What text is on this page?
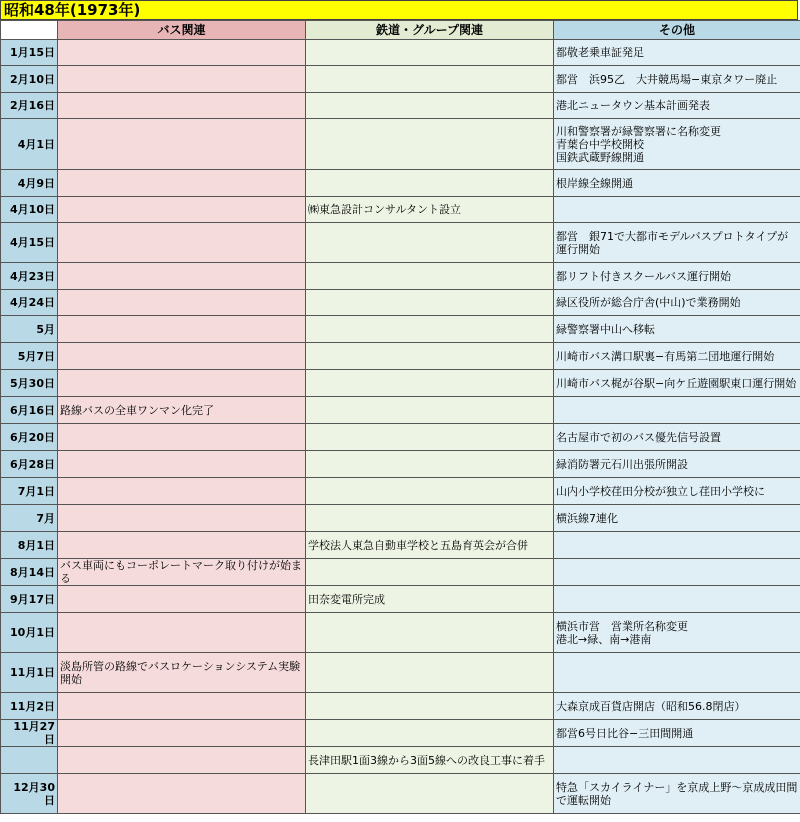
昭和48年(1973年)
	バス関連	鉄道・グループ関連	その他
1月15日			都敬老乗車証発足

2月10日			都営　浜95乙　大井競馬場−東京タワー廃止

2月16日			港北ニュータウン基本計画発表

4月1日			川和警察署が緑警察署に名称変更
青葉台中学校開校
国鉄武蔵野線開通

4月9日			根岸線全線開通

4月10日		㈱東急設計コンサルタント設立	

4月15日			都営　銀71で大都市モデルバスプロトタイプが運行開始

4月23日			都リフト付きスクールバス運行開始

4月24日			緑区役所が総合庁舎(中山)で業務開始

5月			緑警察署中山へ移転

5月7日			川崎市バス溝口駅裏−有馬第二団地運行開始

5月30日			川崎市バス梶が谷駅−向ケ丘遊園駅東口運行開始

6月16日	路線バスの全車ワンマン化完了		

6月20日			名古屋市で初のバス優先信号設置

6月28日			緑消防署元石川出張所開設

7月1日			山内小学校荏田分校が独立し荏田小学校に

7月			横浜線7連化

8月1日		学校法人東急自動車学校と五島育英会が合併	

8月14日	バス車両にもコーポレートマーク取り付けが始まる		

9月17日		田奈変電所完成	

10月1日			横浜市営　営業所名称変更
港北→緑、南→港南

11月1日	淡島所管の路線でバスロケーションシステム実験開始		

11月2日			大森京成百貨店開店（昭和56.8閉店）

11月27日			都営6号日比谷−三田間開通

		長津田駅1面3線から3面5線への改良工事に着手	

12月30日			特急「スカイライナー」を京成上野～京成成田間で運転開始
